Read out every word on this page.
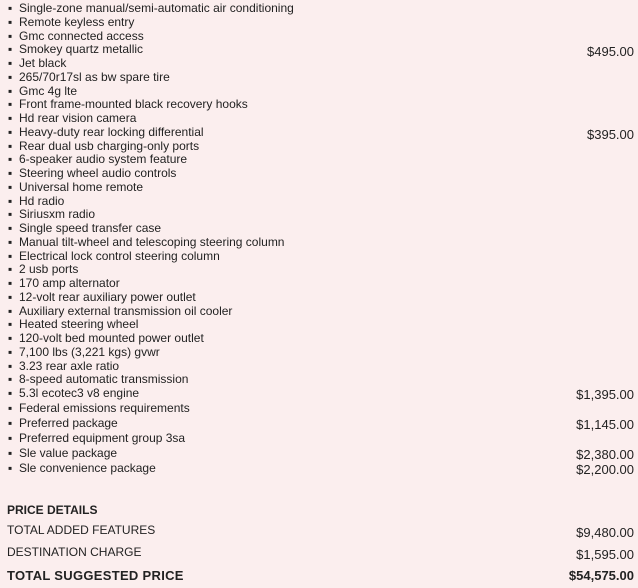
▪ Single-zone manual/semi-automatic air conditioning
▪ Remote keyless entry
▪ Gmc connected access
▪ Smokey quartz metallic	$495.00
▪ Jet black
▪ 265/70r17sl as bw spare tire
▪ Gmc 4g lte
▪ Front frame-mounted black recovery hooks
▪ Hd rear vision camera
▪ Heavy-duty rear locking differential	$395.00
▪ Rear dual usb charging-only ports
▪ 6-speaker audio system feature
▪ Steering wheel audio controls
▪ Universal home remote
▪ Hd radio
▪ Siriusxm radio
▪ Single speed transfer case
▪ Manual tilt-wheel and telescoping steering column
▪ Electrical lock control steering column
▪ 2 usb ports
▪ 170 amp alternator
▪ 12-volt rear auxiliary power outlet
▪ Auxiliary external transmission oil cooler
▪ Heated steering wheel
▪ 120-volt bed mounted power outlet
▪ 7,100 lbs (3,221 kgs) gvwr
▪ 3.23 rear axle ratio
▪ 8-speed automatic transmission
▪ 5.3l ecotec3 v8 engine	$1,395.00
▪ Federal emissions requirements
▪ Preferred package	$1,145.00
▪ Preferred equipment group 3sa
▪ Sle value package	$2,380.00
▪ Sle convenience package	$2,200.00
PRICE DETAILS
TOTAL ADDED FEATURES	$9,480.00
DESTINATION CHARGE	$1,595.00
TOTAL SUGGESTED PRICE	$54,575.00
